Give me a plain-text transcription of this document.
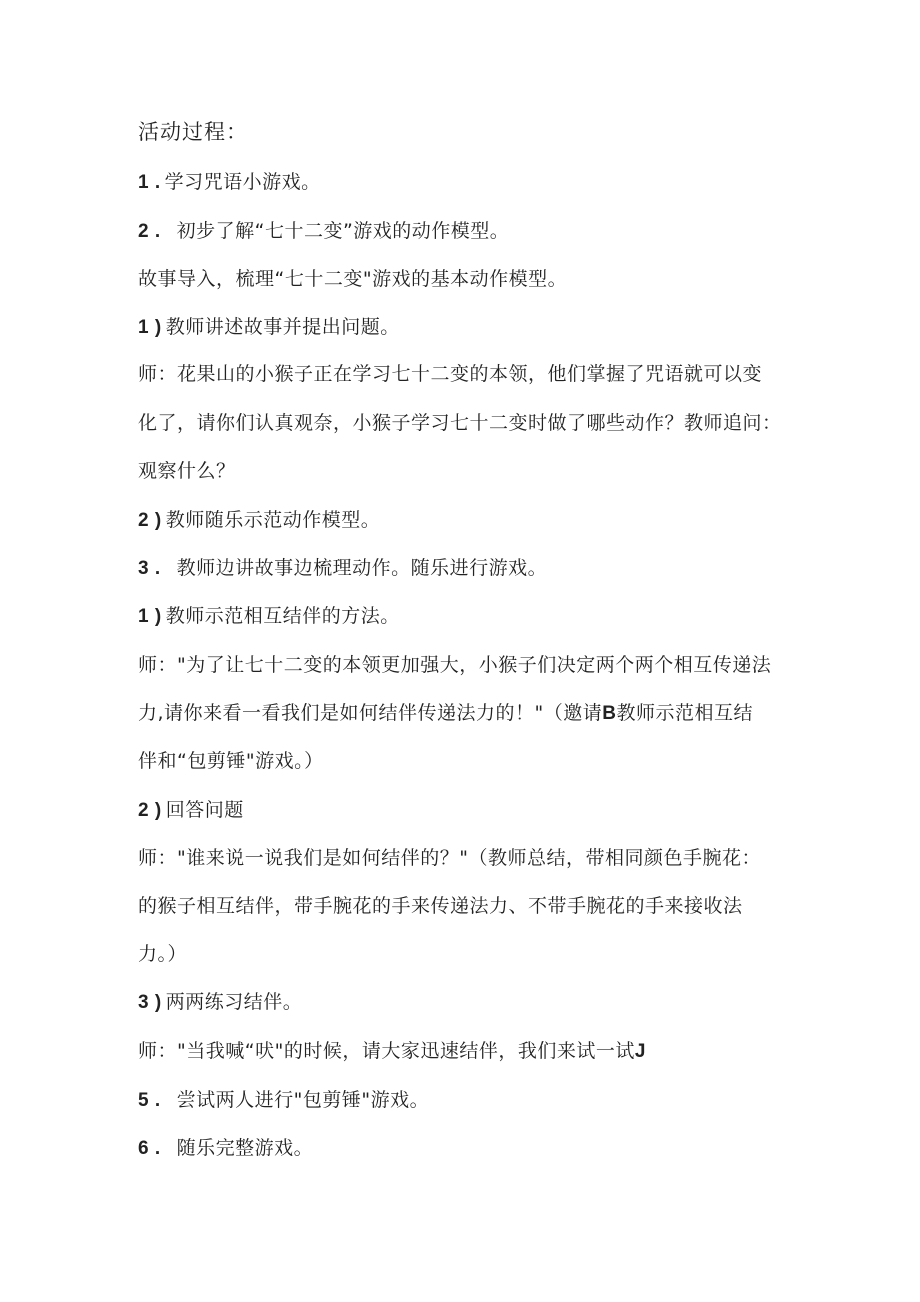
活动过程：
1 . 学习咒语小游戏。
2 . 初步了解“七十二变”游戏的动作模型。
故事导入，梳理“七十二变"游戏的基本动作模型。
1 ) 教师讲述故事并提出问题。
师：花果山的小猴子正在学习七十二变的本领，他们掌握了咒语就可以变
化了，请你们认真观奈，小猴子学习七十二变时做了哪些动作？教师追问：
观察什么？
2 ) 教师随乐示范动作模型。
3 . 教师边讲故事边梳理动作。随乐进行游戏。
1 ) 教师示范相互结伴的方法。
师："为了让七十二变的本领更加强大，小猴子们决定两个两个相互传递法
力,请你来看一看我们是如何结伴传递法力的！"（邀请B教师示范相互结
伴和“包剪锤"游戏。）
2 ) 回答问题
师："谁来说一说我们是如何结伴的？"（教师总结，带相同颜色手腕花：
的猴子相互结伴，带手腕花的手来传递法力、不带手腕花的手来接收法
力。）
3 ) 两两练习结伴。
师："当我喊“吠"的时候，请大家迅速结伴，我们来试一试J
5 . 尝试两人进行"包剪锤"游戏。
6 . 随乐完整游戏。
